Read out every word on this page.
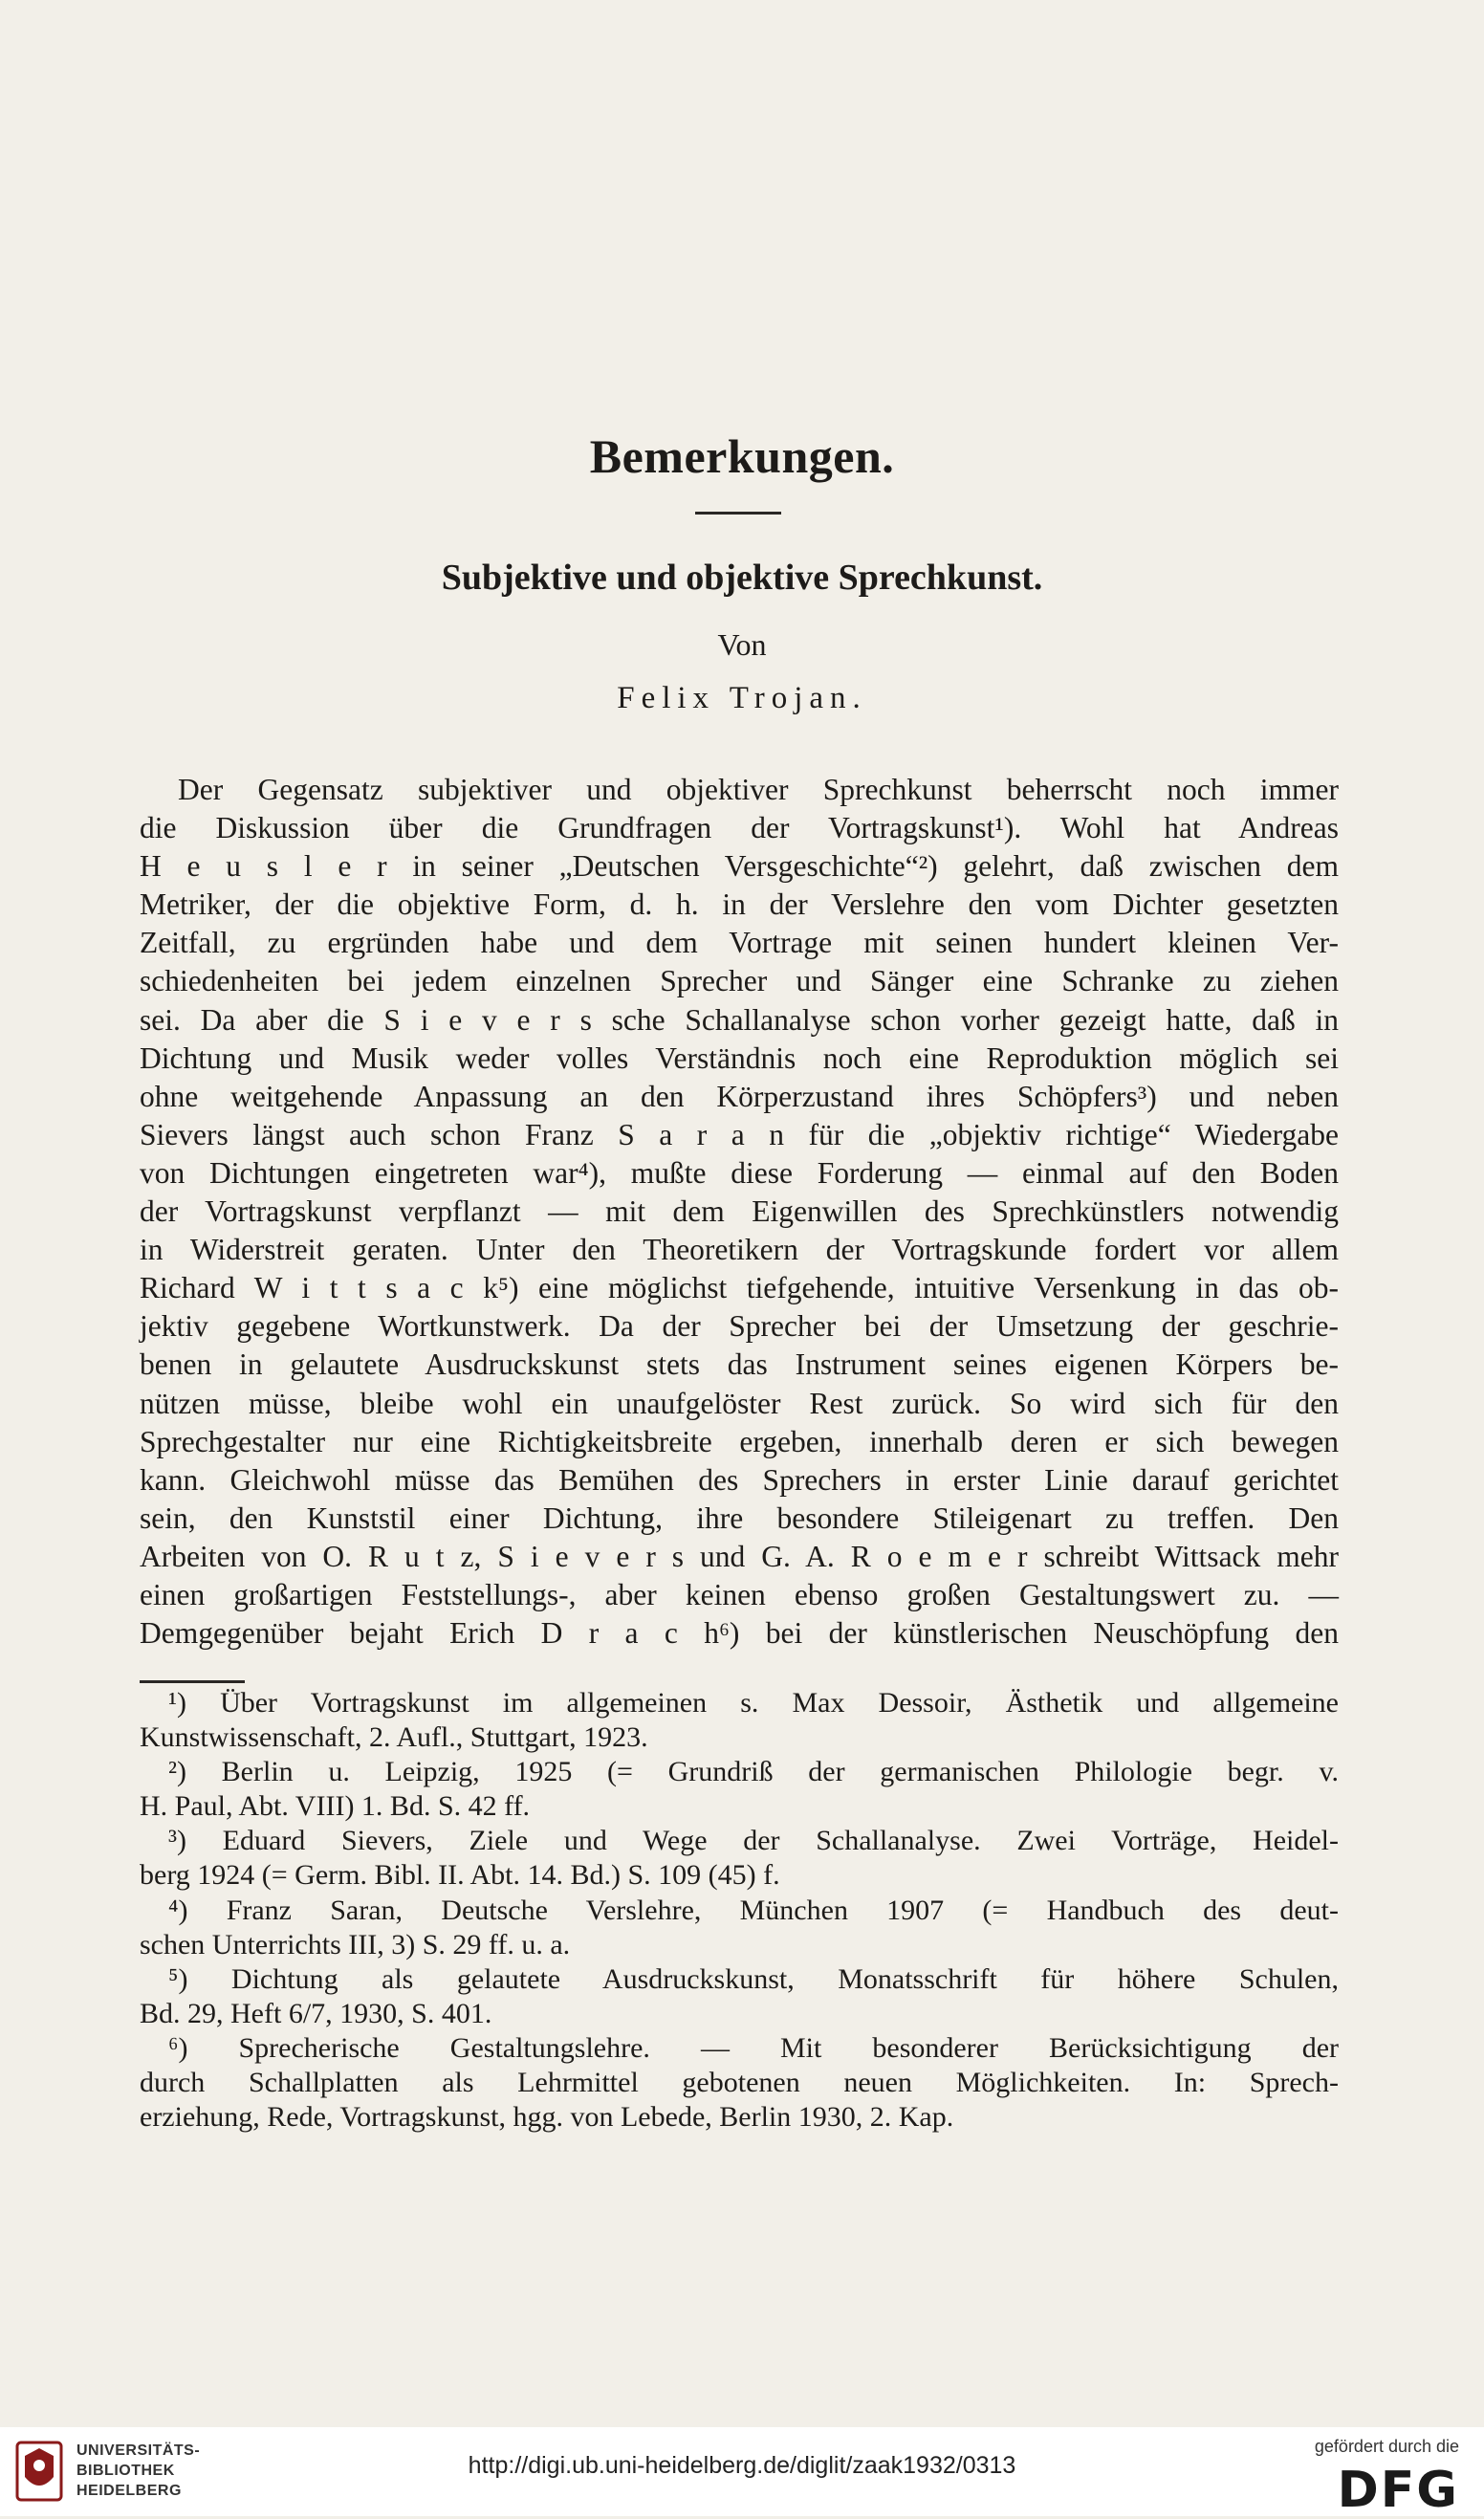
Bemerkungen.
Subjektive und objektive Sprechkunst.
Von
Felix Trojan.
Der Gegensatz subjektiver und objektiver Sprechkunst beherrscht noch immer
die Diskussion über die Grundfragen der Vortragskunst¹). Wohl hat Andreas
H e u s l e r in seiner „Deutschen Versgeschichte“²) gelehrt, daß zwischen dem
Metriker, der die objektive Form, d. h. in der Verslehre den vom Dichter gesetzten
Zeitfall, zu ergründen habe und dem Vortrage mit seinen hundert kleinen Ver-
schiedenheiten bei jedem einzelnen Sprecher und Sänger eine Schranke zu ziehen
sei. Da aber die S i e v e r s sche Schallanalyse schon vorher gezeigt hatte, daß in
Dichtung und Musik weder volles Verständnis noch eine Reproduktion möglich sei
ohne weitgehende Anpassung an den Körperzustand ihres Schöpfers³) und neben
Sievers längst auch schon Franz S a r a n für die „objektiv richtige“ Wiedergabe
von Dichtungen eingetreten war⁴), mußte diese Forderung — einmal auf den Boden
der Vortragskunst verpflanzt — mit dem Eigenwillen des Sprechkünstlers notwendig
in Widerstreit geraten. Unter den Theoretikern der Vortragskunde fordert vor allem
Richard W i t t s a c k⁵) eine möglichst tiefgehende, intuitive Versenkung in das ob-
jektiv gegebene Wortkunstwerk. Da der Sprecher bei der Umsetzung der geschrie-
benen in gelautete Ausdruckskunst stets das Instrument seines eigenen Körpers be-
nützen müsse, bleibe wohl ein unaufgelöster Rest zurück. So wird sich für den
Sprechgestalter nur eine Richtigkeitsbreite ergeben, innerhalb deren er sich bewegen
kann. Gleichwohl müsse das Bemühen des Sprechers in erster Linie darauf gerichtet
sein, den Kunststil einer Dichtung, ihre besondere Stileigenart zu treffen. Den
Arbeiten von O. R u t z, S i e v e r s und G. A. R o e m e r schreibt Wittsack mehr
einen großartigen Feststellungs-, aber keinen ebenso großen Gestaltungswert zu. —
Demgegenüber bejaht Erich D r a c h⁶) bei der künstlerischen Neuschöpfung den
¹) Über Vortragskunst im allgemeinen s. Max Dessoir, Ästhetik und allgemeine
Kunstwissenschaft, 2. Aufl., Stuttgart, 1923.
²) Berlin u. Leipzig, 1925 (= Grundriß der germanischen Philologie begr. v.
H. Paul, Abt. VIII) 1. Bd. S. 42 ff.
³) Eduard Sievers, Ziele und Wege der Schallanalyse. Zwei Vorträge, Heidel-
berg 1924 (= Germ. Bibl. II. Abt. 14. Bd.) S. 109 (45) f.
⁴) Franz Saran, Deutsche Verslehre, München 1907 (= Handbuch des deut-
schen Unterrichts III, 3) S. 29 ff. u. a.
⁵) Dichtung als gelautete Ausdruckskunst, Monatsschrift für höhere Schulen,
Bd. 29, Heft 6/7, 1930, S. 401.
⁶) Sprecherische Gestaltungslehre. — Mit besonderer Berücksichtigung der
durch Schallplatten als Lehrmittel gebotenen neuen Möglichkeiten. In: Sprech-
erziehung, Rede, Vortragskunst, hgg. von Lebede, Berlin 1930, 2. Kap.
UNIVERSITÄTS-
BIBLIOTHEK
HEIDELBERG
http://digi.ub.uni-heidelberg.de/diglit/zaak1932/0313
gefördert durch die
DFG
